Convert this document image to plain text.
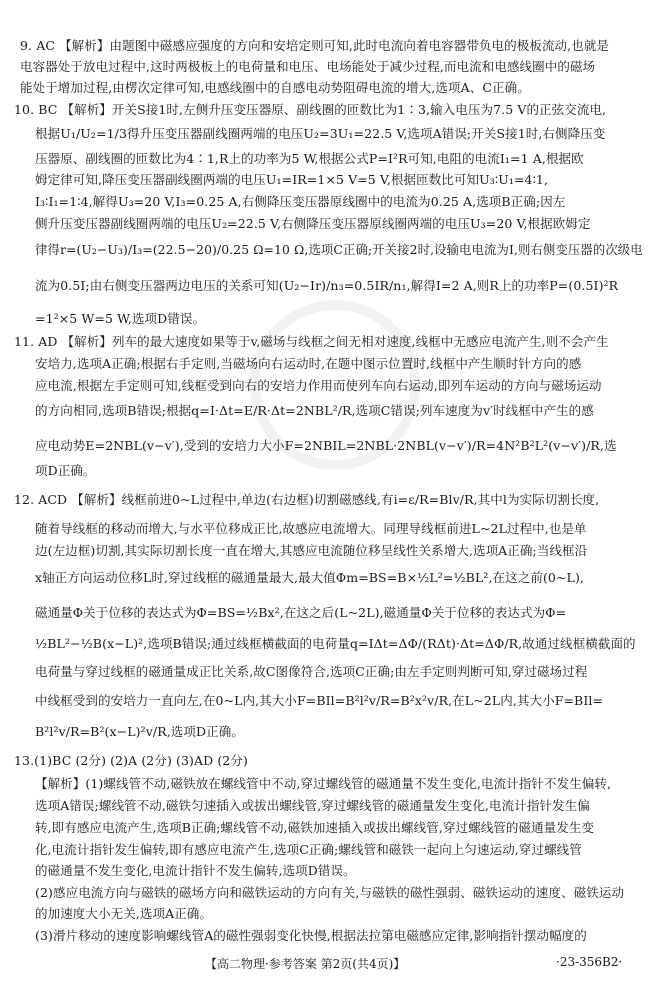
9. AC 【解析】由题图中磁感应强度的方向和安培定则可知,此时电流向着电容器带负电的极板流动,也就是
电容器处于放电过程中,这时两极板上的电荷量和电压、电场能处于减少过程,而电流和电感线圈中的磁场
能处于增加过程,由楞次定律可知,电感线圈中的自感电动势阻碍电流的增大,选项A、C正确。
10. BC 【解析】开关S接1时,左侧升压变压器原、副线圈的匝数比为1∶3,输入电压为7.5 V的正弦交流电,
根据U₁/U₂=1/3得升压变压器副线圈两端的电压U₂=3U₁=22.5 V,选项A错误;开关S接1时,右侧降压变
压器原、副线圈的匝数比为4∶1,R上的功率为5 W,根据公式P=I²R可知,电阻的电流I₁=1 A,根据欧
姆定律可知,降压变压器副线圈两端的电压U₁=IR=1×5 V=5 V,根据匝数比可知U₃∶U₁=4∶1,
I₃∶I₁=1∶4,解得U₃=20 V,I₃=0.25 A,右侧降压变压器原线圈中的电流为0.25 A,选项B正确;因左
侧升压变压器副线圈两端的电压U₂=22.5 V,右侧降压变压器原线圈两端的电压U₃=20 V,根据欧姆定
律得r=(U₂−U₃)/I₃=(22.5−20)/0.25 Ω=10 Ω,选项C正确;开关接2时,设输电电流为I,则右侧变压器的次级电
流为0.5I;由右侧变压器两边电压的关系可知(U₂−Ir)/n₃=0.5IR/n₁,解得I=2 A,则R上的功率P=(0.5I)²R
=1²×5 W=5 W,选项D错误。
11. AD 【解析】列车的最大速度如果等于v,磁场与线框之间无相对速度,线框中无感应电流产生,则不会产生
安培力,选项A正确;根据右手定则,当磁场向右运动时,在题中图示位置时,线框中产生顺时针方向的感
应电流,根据左手定则可知,线框受到向右的安培力作用而使列车向右运动,即列车运动的方向与磁场运动
的方向相同,选项B错误;根据q=I·Δt=E/R·Δt=2NBL²/R,选项C错误;列车速度为v′时线框中产生的感
应电动势E=2NBL(v−v′),受到的安培力大小F=2NBIL=2NBL·2NBL(v−v′)/R=4N²B²L²(v−v′)/R,选
项D正确。
12. ACD 【解析】线框前进0~L过程中,单边(右边框)切割磁感线,有i=ε/R=Blv/R,其中l为实际切割长度,
随着导线框的移动而增大,与水平位移成正比,故感应电流增大。同理导线框前进L~2L过程中,也是单
边(左边框)切割,其实际切割长度一直在增大,其感应电流随位移呈线性关系增大,选项A正确;当线框沿
x轴正方向运动位移L时,穿过线框的磁通量最大,最大值Φm=BS=B×½L²=½BL²,在这之前(0~L),
磁通量Φ关于位移的表达式为Φ=BS=½Bx²,在这之后(L~2L),磁通量Φ关于位移的表达式为Φ=
½BL²−½B(x−L)²,选项B错误;通过线框横截面的电荷量q=IΔt=ΔΦ/(RΔt)·Δt=ΔΦ/R,故通过线框横截面的
电荷量与穿过线框的磁通量成正比关系,故C图像符合,选项C正确;由左手定则判断可知,穿过磁场过程
中线框受到的安培力一直向左,在0~L内,其大小F=BIl=B²l²v/R=B²x²v/R,在L~2L内,其大小F=BIl=
B²l²v/R=B²(x−L)²v/R,选项D正确。
13.(1)BC (2分) (2)A (2分) (3)AD (2分)
【解析】(1)螺线管不动,磁铁放在螺线管中不动,穿过螺线管的磁通量不发生变化,电流计指针不发生偏转,
选项A错误;螺线管不动,磁铁匀速插入或拔出螺线管,穿过螺线管的磁通量发生变化,电流计指针发生偏
转,即有感应电流产生,选项B正确;螺线管不动,磁铁加速插入或拔出螺线管,穿过螺线管的磁通量发生变
化,电流计指针发生偏转,即有感应电流产生,选项C正确;螺线管和磁铁一起向上匀速运动,穿过螺线管
的磁通量不发生变化,电流计指针不发生偏转,选项D错误。
(2)感应电流方向与磁铁的磁场方向和磁铁运动的方向有关,与磁铁的磁性强弱、磁铁运动的速度、磁铁运动
的加速度大小无关,选项A正确。
(3)滑片移动的速度影响螺线管A的磁性强弱变化快慢,根据法拉第电磁感应定律,影响指针摆动幅度的
【高二物理·参考答案 第2页(共4页)】	·23-356B2·
